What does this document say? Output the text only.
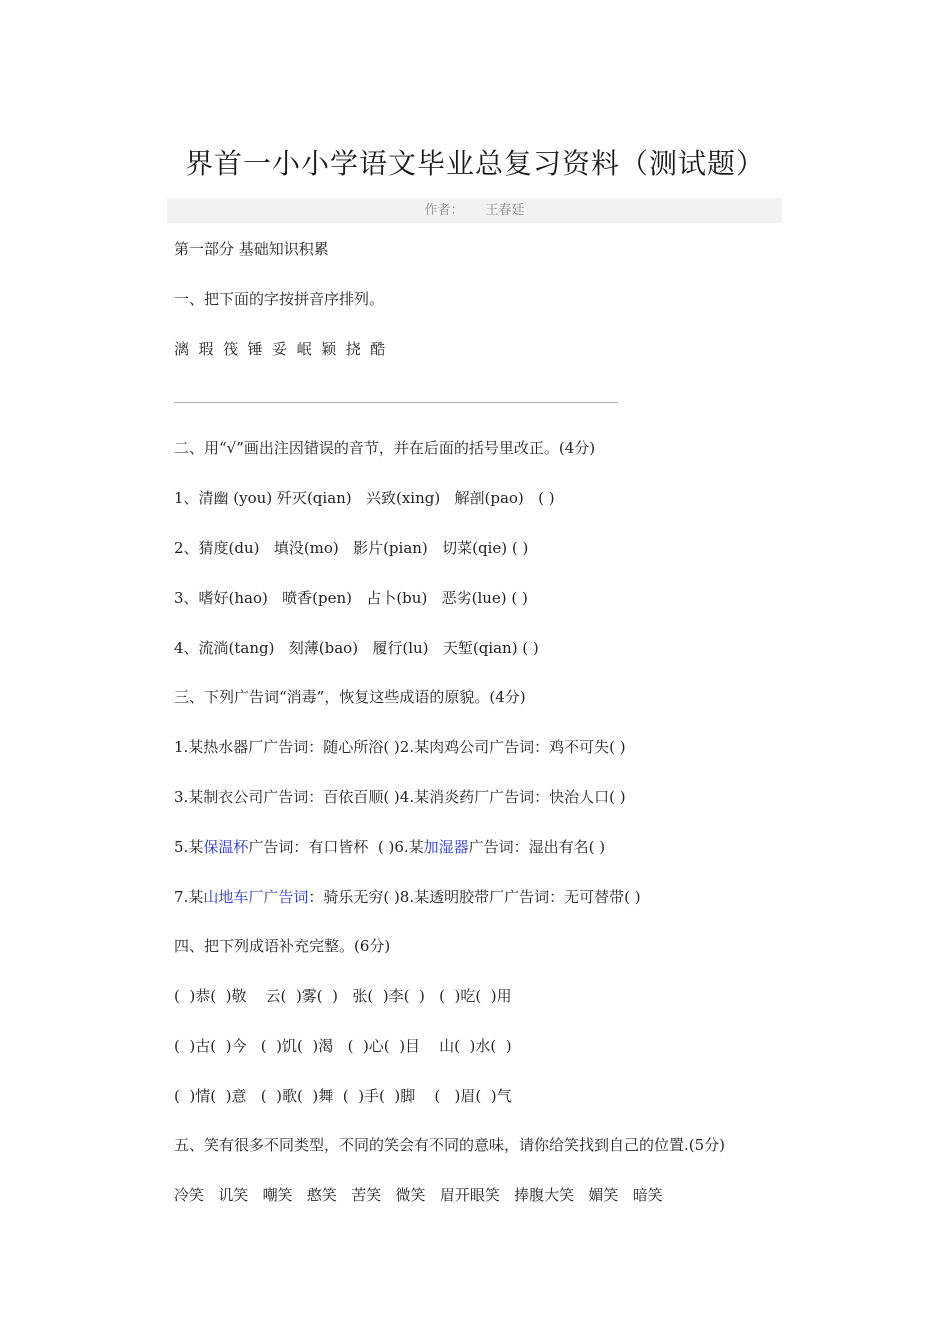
界首一小小学语文毕业总复习资料（测试题）
作者： 王春廷
第一部分 基础知识积累
一、把下面的字按拼音序排列。
漓  瑕  筏  锤  妥  岷  颖  挠  酷
二、用“√”画出注因错误的音节，并在后面的括号里改正。(4分)
1、清幽 (you) 歼灭(qian)   兴致(xing)   解剖(pao)   ( )
2、猜度(du)   填没(mo)   影片(pian)   切菜(qie) ( )
3、嗜好(hao)   喷香(pen)   占卜(bu)   恶劣(lue) ( )
4、流淌(tang)   刻薄(bao)   履行(lu)   天堑(qian) ( )
三、下列广告词“消毒”，恢复这些成语的原貌。(4分)
1.某热水器厂广告词：随心所浴( )2.某肉鸡公司广告词：鸡不可失( )
3.某制衣公司广告词：百依百顺( )4.某消炎药厂广告词：快治人口( )
5.某保温杯广告词：有口皆杯  ( )6.某加湿器广告词：湿出有名( )
7.某山地车厂广告词：骑乐无穷( )8.某透明胶带厂广告词：无可替带( )
四、把下列成语补充完整。(6分)
(  )恭(  )敬    云(  )雾(  )   张(  )李(  )   (  )吃(  )用
(  )古(  )今   (  )饥(  )渴   (  )心(  )目    山(  )水(  )
(  )情(  )意   (  )歌(  )舞  (  )手(  )脚    (   )眉(  )气
五、笑有很多不同类型，不同的笑会有不同的意味，请你给笑找到自己的位置.(5分)
冷笑   讥笑   嘲笑   憨笑   苦笑   微笑   眉开眼笑   捧腹大笑   媚笑   暗笑
